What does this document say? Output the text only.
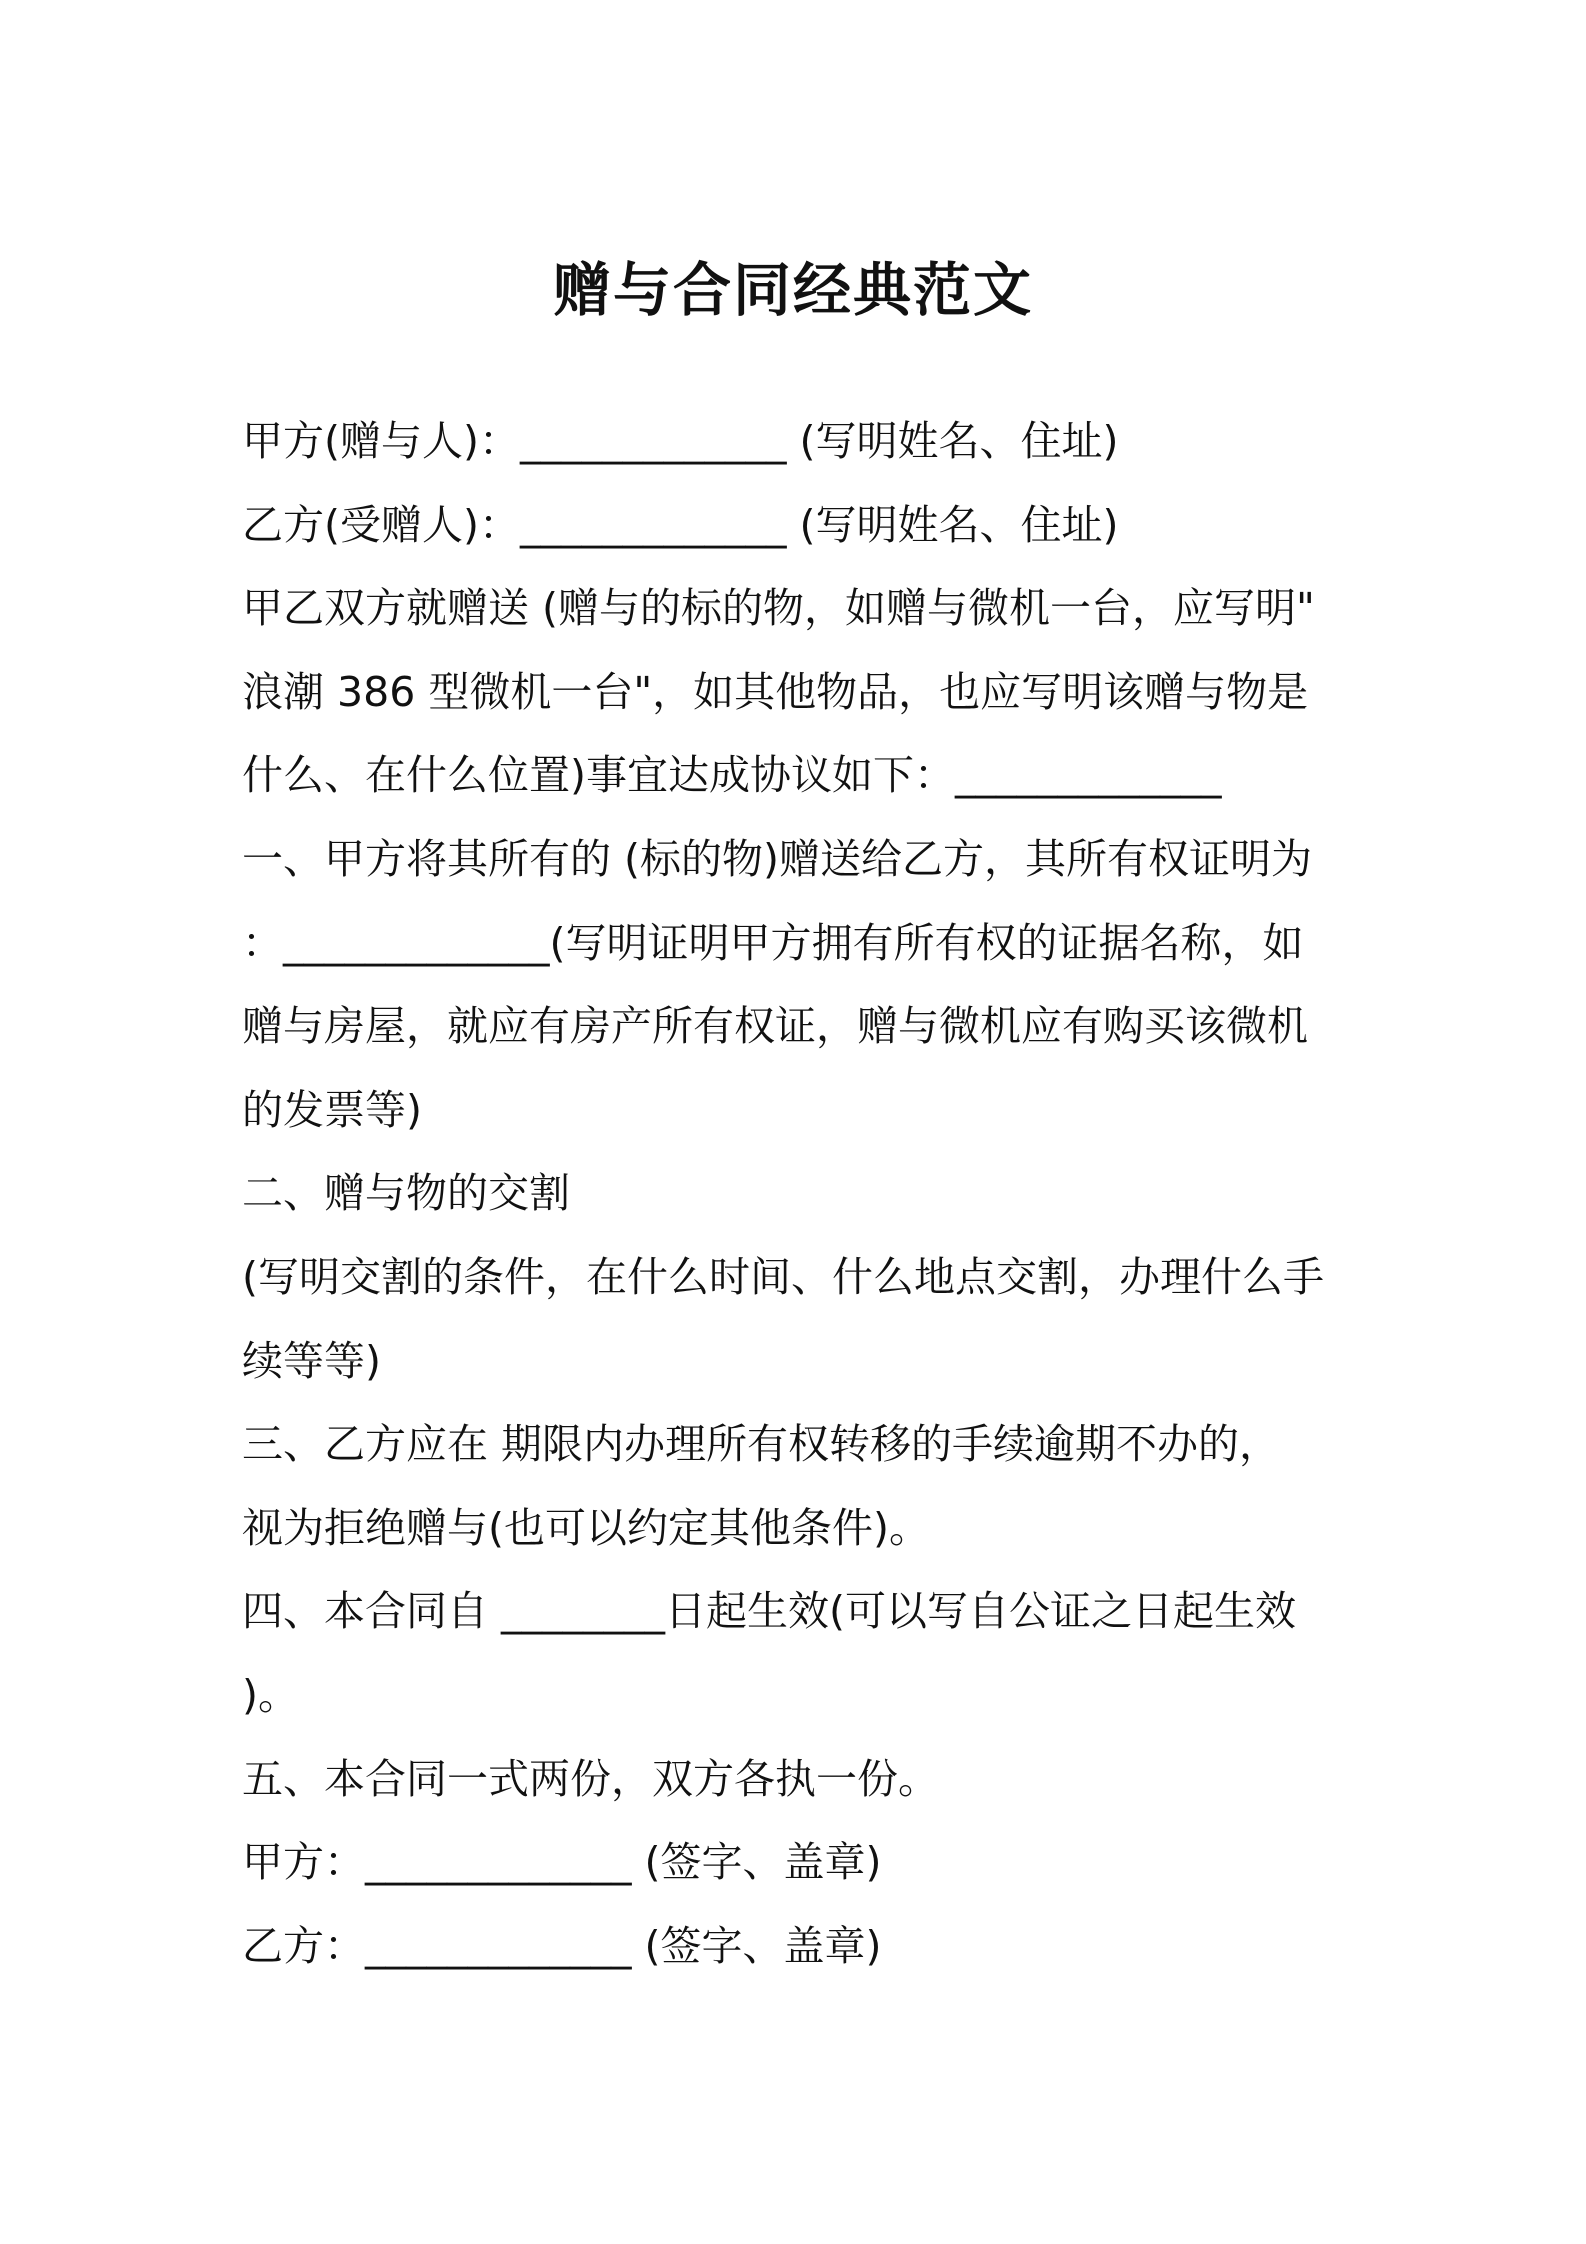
赠与合同经典范文
甲方(赠与人)：_____________ (写明姓名、住址)
乙方(受赠人)：_____________ (写明姓名、住址)
甲乙双方就赠送 (赠与的标的物，如赠与微机一台，应写明"
浪潮 386 型微机一台"，如其他物品，也应写明该赠与物是
什么、在什么位置)事宜达成协议如下：_____________
一、甲方将其所有的 (标的物)赠送给乙方，其所有权证明为
：_____________(写明证明甲方拥有所有权的证据名称，如
赠与房屋，就应有房产所有权证，赠与微机应有购买该微机
的发票等)
二、赠与物的交割
(写明交割的条件，在什么时间、什么地点交割，办理什么手
续等等)
三、乙方应在 期限内办理所有权转移的手续逾期不办的，
视为拒绝赠与(也可以约定其他条件)。
四、本合同自 ________日起生效(可以写自公证之日起生效
)。
五、本合同一式两份，双方各执一份。
甲方：_____________ (签字、盖章)
乙方：_____________ (签字、盖章)
